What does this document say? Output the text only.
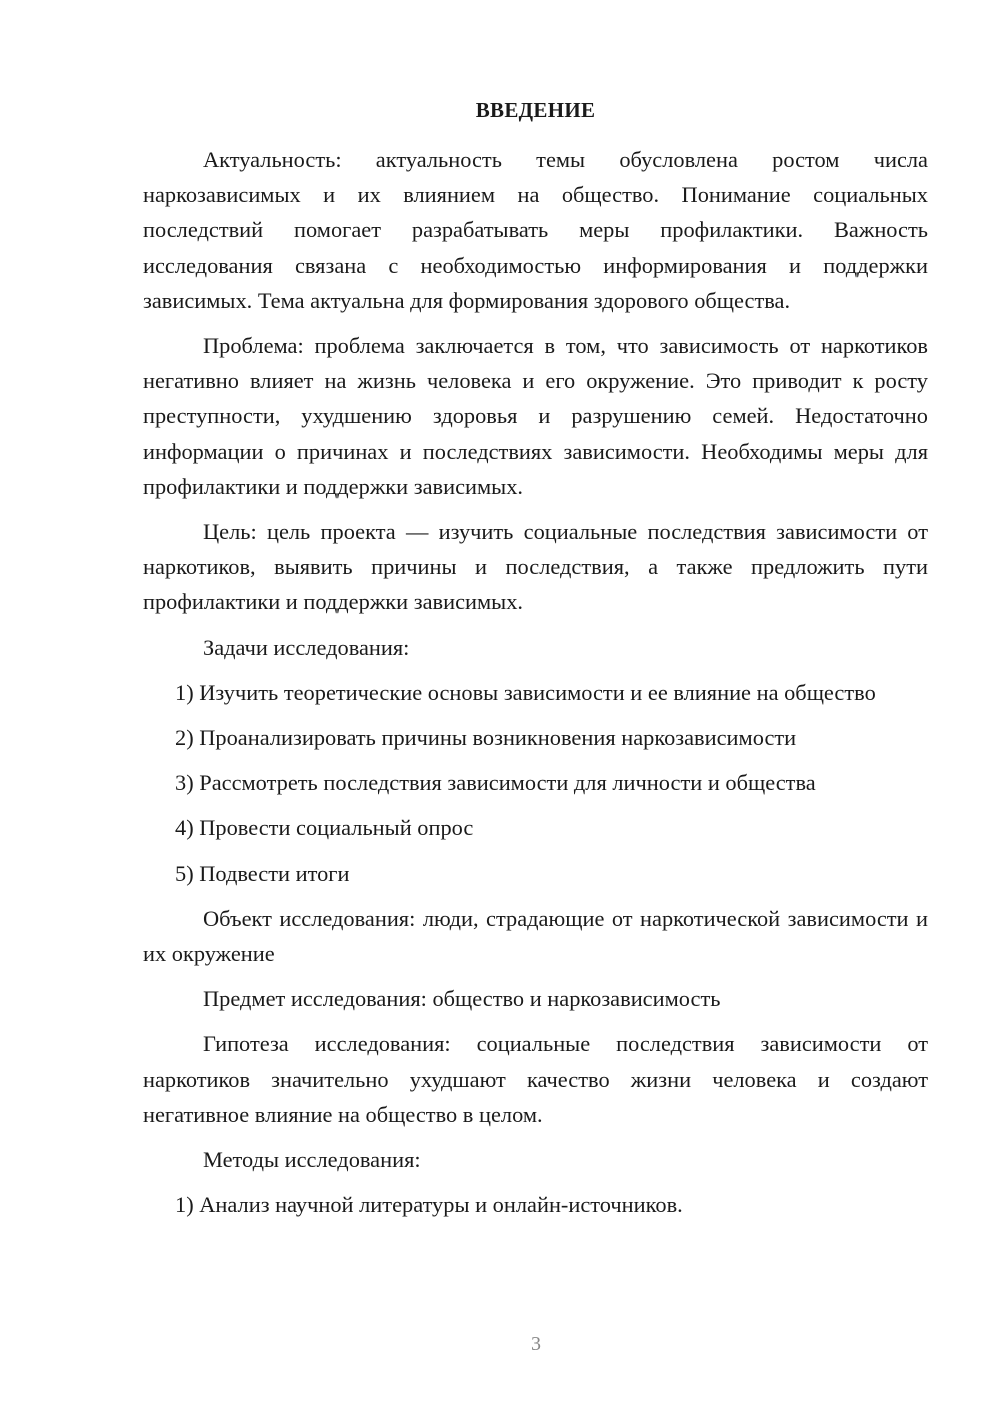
ВВЕДЕНИЕ

Актуальность: актуальность темы обусловлена ростом числа наркозависимых и их влиянием на общество. Понимание социальных последствий помогает разрабатывать меры профилактики. Важность исследования связана с необходимостью информирования и поддержки зависимых. Тема актуальна для формирования здорового общества.

Проблема: проблема заключается в том, что зависимость от наркотиков негативно влияет на жизнь человека и его окружение. Это приводит к росту преступности, ухудшению здоровья и разрушению семей. Недостаточно информации о причинах и последствиях зависимости. Необходимы меры для профилактики и поддержки зависимых.

Цель: цель проекта — изучить социальные последствия зависимости от наркотиков, выявить причины и последствия, а также предложить пути профилактики и поддержки зависимых.

Задачи исследования:

1) Изучить теоретические основы зависимости и ее влияние на общество

2) Проанализировать причины возникновения наркозависимости

3) Рассмотреть последствия зависимости для личности и общества

4) Провести социальный опрос

5) Подвести итоги

Объект исследования: люди, страдающие от наркотической зависимости и их окружение

Предмет исследования: общество и наркозависимость

Гипотеза исследования: социальные последствия зависимости от наркотиков значительно ухудшают качество жизни человека и создают негативное влияние на общество в целом.

Методы исследования:

1) Анализ научной литературы и онлайн-источников.

3
